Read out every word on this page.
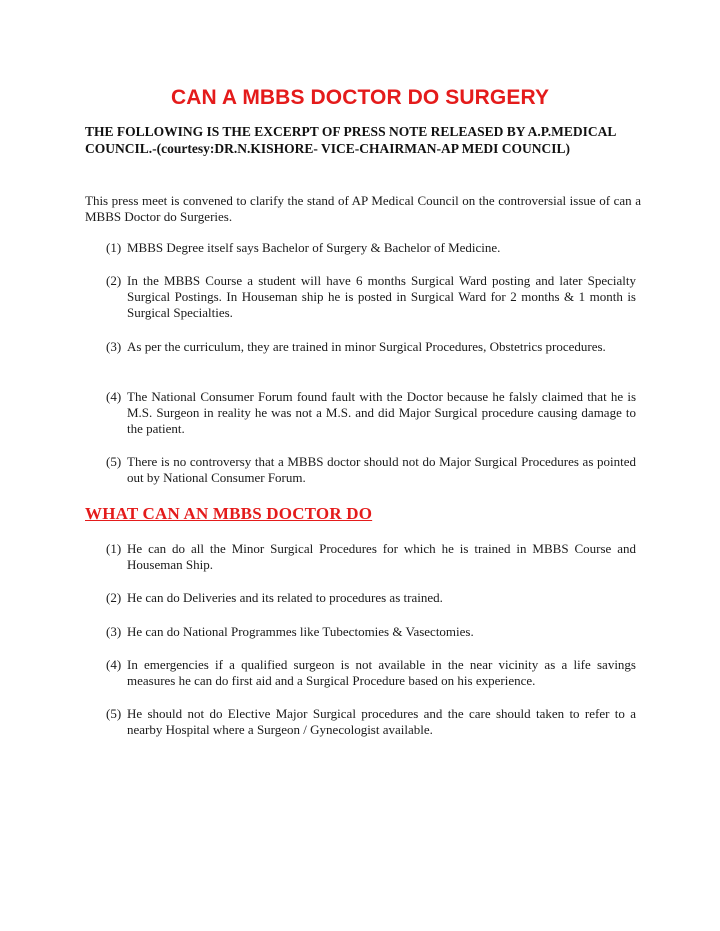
CAN A MBBS DOCTOR DO SURGERY
THE FOLLOWING IS THE EXCERPT OF PRESS NOTE RELEASED BY A.P.MEDICAL COUNCIL.-(courtesy:DR.N.KISHORE- VICE-CHAIRMAN-AP MEDI COUNCIL)
This press meet is convened to clarify the stand of AP Medical Council on the controversial issue of can a MBBS Doctor do Surgeries.
(1) MBBS Degree itself says Bachelor of Surgery & Bachelor of Medicine.
(2) In the MBBS Course a student will have 6 months Surgical Ward posting and later Specialty Surgical Postings. In Houseman ship he is posted in Surgical Ward for 2 months & 1 month is Surgical Specialties.
(3) As per the curriculum, they are trained in minor Surgical Procedures, Obstetrics procedures.
(4) The National Consumer Forum found fault with the Doctor because he falsly claimed that he is M.S. Surgeon in reality he was not a M.S. and did Major Surgical procedure causing damage to the patient.
(5) There is no controversy that a MBBS doctor should not do Major Surgical Procedures as pointed out by National Consumer Forum.
WHAT CAN AN MBBS DOCTOR DO
(1) He can do all the Minor Surgical Procedures for which he is trained in MBBS Course and Houseman Ship.
(2) He can do Deliveries and its related to procedures as trained.
(3) He can do National Programmes like Tubectomies & Vasectomies.
(4) In emergencies if a qualified surgeon is not available in the near vicinity as a life savings measures he can do first aid and a Surgical Procedure based on his experience.
(5) He should not do Elective Major Surgical procedures and the care should taken to refer to a nearby Hospital where a Surgeon / Gynecologist available.
